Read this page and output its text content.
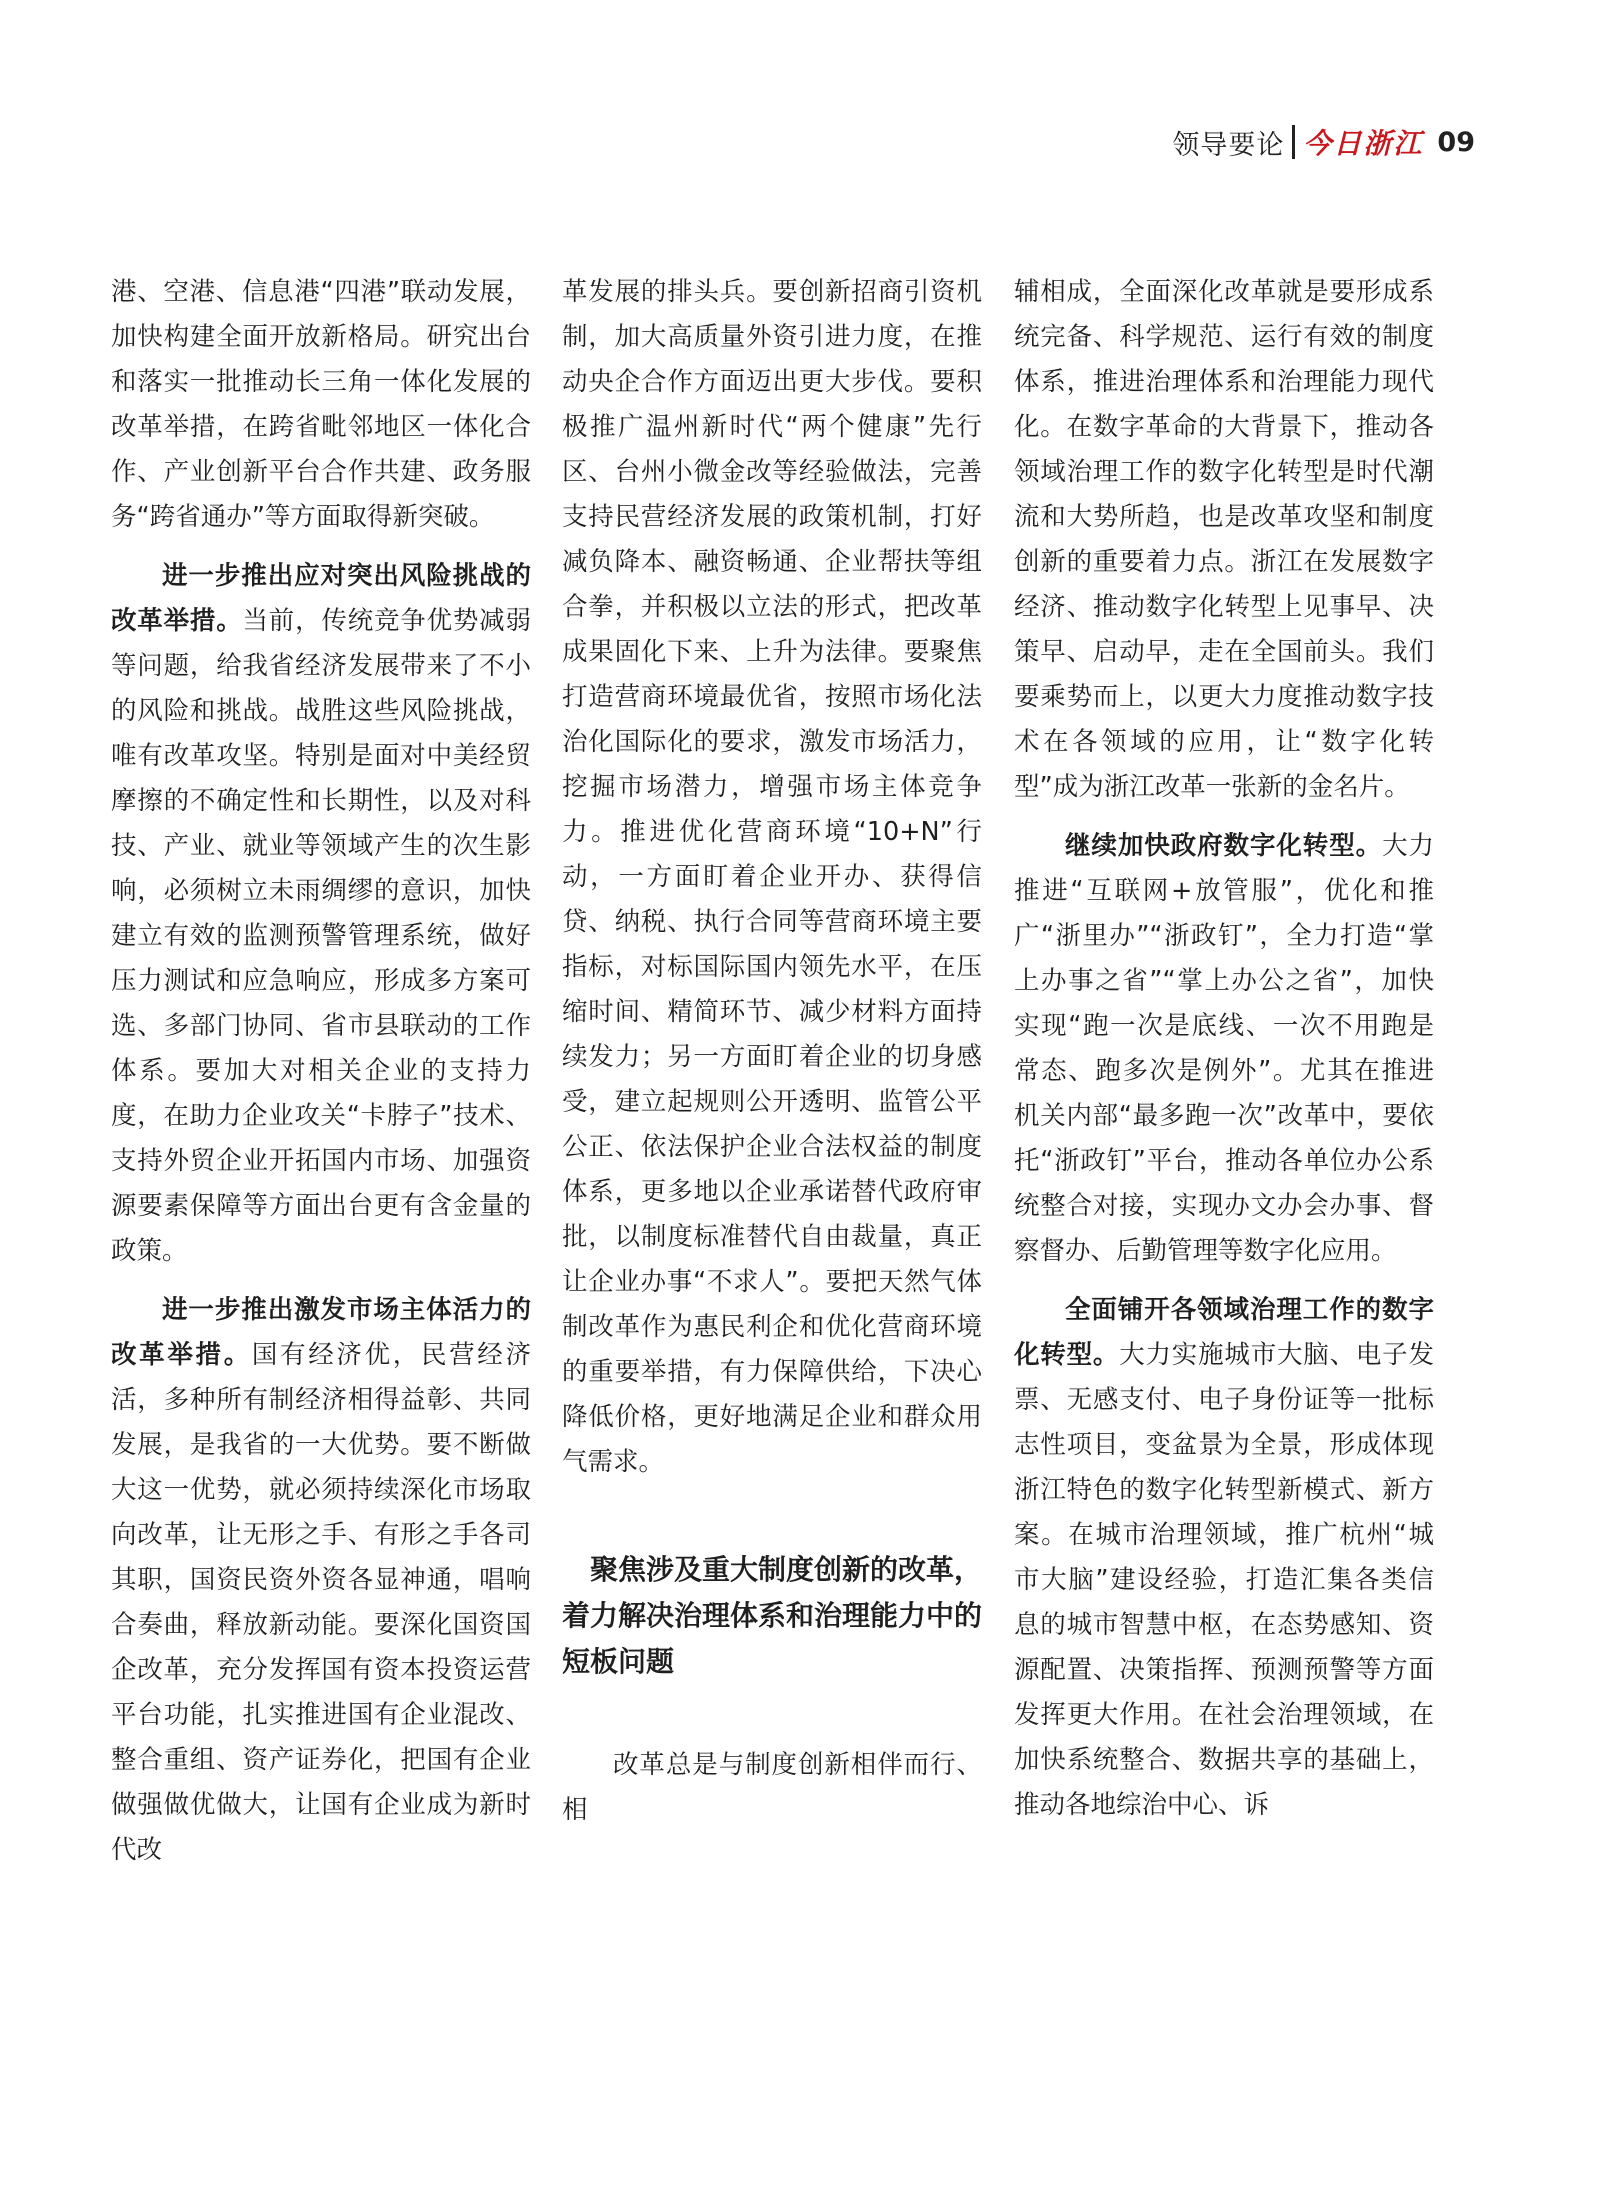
领导要论 今日浙江 09

港、空港、信息港“四港”联动发展，加快构建全面开放新格局。研究出台和落实一批推动长三角一体化发展的改革举措，在跨省毗邻地区一体化合作、产业创新平台合作共建、政务服务“跨省通办”等方面取得新突破。

进一步推出应对突出风险挑战的改革举措。当前，传统竞争优势减弱等问题，给我省经济发展带来了不小的风险和挑战。战胜这些风险挑战，唯有改革攻坚。特别是面对中美经贸摩擦的不确定性和长期性，以及对科技、产业、就业等领域产生的次生影响，必须树立未雨绸缪的意识，加快建立有效的监测预警管理系统，做好压力测试和应急响应，形成多方案可选、多部门协同、省市县联动的工作体系。要加大对相关企业的支持力度，在助力企业攻关“卡脖子”技术、支持外贸企业开拓国内市场、加强资源要素保障等方面出台更有含金量的政策。

进一步推出激发市场主体活力的改革举措。国有经济优，民营经济活，多种所有制经济相得益彰、共同发展，是我省的一大优势。要不断做大这一优势，就必须持续深化市场取向改革，让无形之手、有形之手各司其职，国资民资外资各显神通，唱响合奏曲，释放新动能。要深化国资国企改革，充分发挥国有资本投资运营平台功能，扎实推进国有企业混改、整合重组、资产证券化，把国有企业做强做优做大，让国有企业成为新时代改

革发展的排头兵。要创新招商引资机制，加大高质量外资引进力度，在推动央企合作方面迈出更大步伐。要积极推广温州新时代“两个健康”先行区、台州小微金改等经验做法，完善支持民营经济发展的政策机制，打好减负降本、融资畅通、企业帮扶等组合拳，并积极以立法的形式，把改革成果固化下来、上升为法律。要聚焦打造营商环境最优省，按照市场化法治化国际化的要求，激发市场活力，挖掘市场潜力，增强市场主体竞争力。推进优化营商环境“10+N”行动，一方面盯着企业开办、获得信贷、纳税、执行合同等营商环境主要指标，对标国际国内领先水平，在压缩时间、精简环节、减少材料方面持续发力；另一方面盯着企业的切身感受，建立起规则公开透明、监管公平公正、依法保护企业合法权益的制度体系，更多地以企业承诺替代政府审批，以制度标准替代自由裁量，真正让企业办事“不求人”。要把天然气体制改革作为惠民利企和优化营商环境的重要举措，有力保障供给，下决心降低价格，更好地满足企业和群众用气需求。

聚焦涉及重大制度创新的改革，着力解决治理体系和治理能力中的短板问题

改革总是与制度创新相伴而行、相

辅相成，全面深化改革就是要形成系统完备、科学规范、运行有效的制度体系，推进治理体系和治理能力现代化。在数字革命的大背景下，推动各领域治理工作的数字化转型是时代潮流和大势所趋，也是改革攻坚和制度创新的重要着力点。浙江在发展数字经济、推动数字化转型上见事早、决策早、启动早，走在全国前头。我们要乘势而上，以更大力度推动数字技术在各领域的应用，让“数字化转型”成为浙江改革一张新的金名片。

继续加快政府数字化转型。大力推进“互联网+放管服”，优化和推广“浙里办”“浙政钉”，全力打造“掌上办事之省”“掌上办公之省”，加快实现“跑一次是底线、一次不用跑是常态、跑多次是例外”。尤其在推进机关内部“最多跑一次”改革中，要依托“浙政钉”平台，推动各单位办公系统整合对接，实现办文办会办事、督察督办、后勤管理等数字化应用。

全面铺开各领域治理工作的数字化转型。大力实施城市大脑、电子发票、无感支付、电子身份证等一批标志性项目，变盆景为全景，形成体现浙江特色的数字化转型新模式、新方案。在城市治理领域，推广杭州“城市大脑”建设经验，打造汇集各类信息的城市智慧中枢，在态势感知、资源配置、决策指挥、预测预警等方面发挥更大作用。在社会治理领域，在加快系统整合、数据共享的基础上，推动各地综治中心、诉
